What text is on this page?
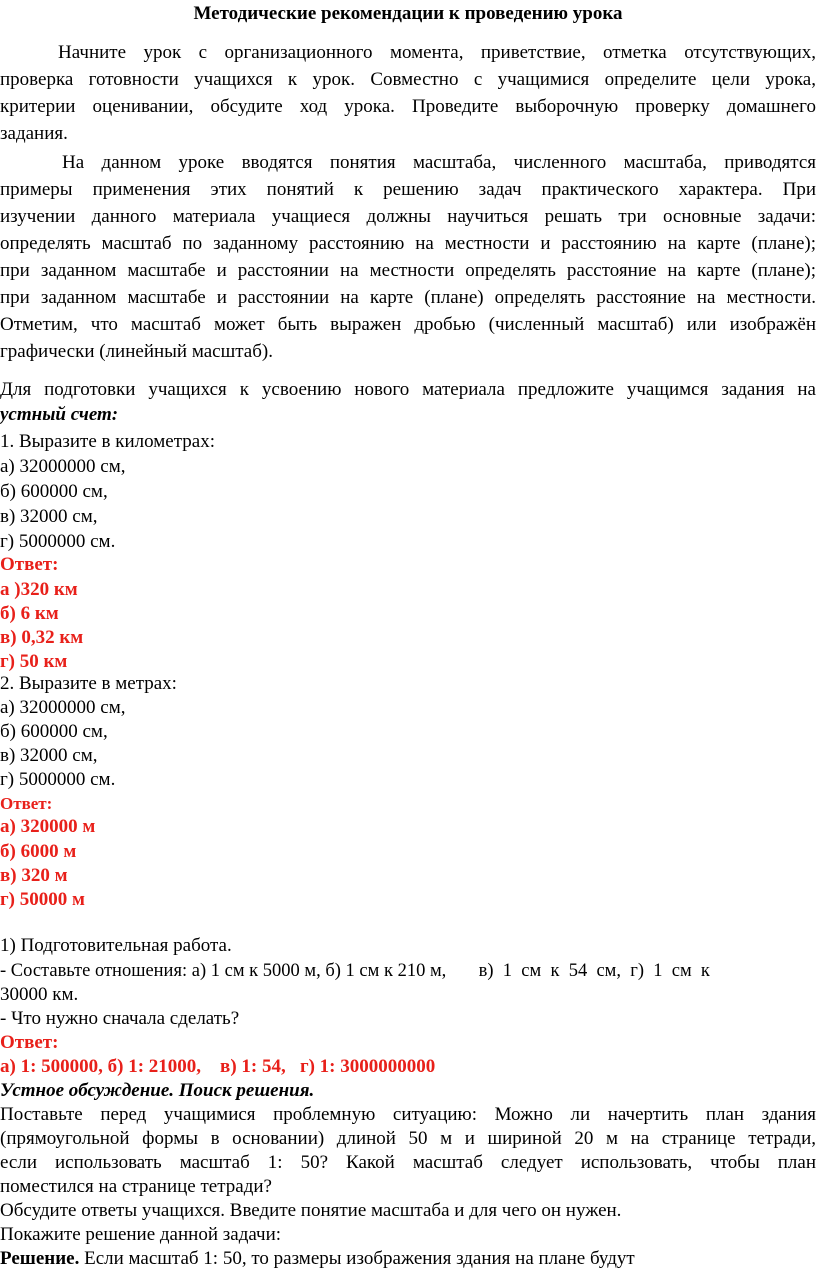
Методические рекомендации к проведению урока
Начните урок с организационного момента, приветствие, отметка отсутствующих,
проверка готовности учащихся к урок. Совместно с учащимися определите цели урока,
критерии оценивании, обсудите ход урока. Проведите выборочную проверку домашнего
задания.
На данном уроке вводятся понятия масштаба, численного масштаба, приводятся
примеры применения этих понятий к решению задач практического характера. При
изучении данного материала учащиеся должны научиться решать три основные задачи:
определять масштаб по заданному расстоянию на местности и расстоянию на карте (плане);
при заданном масштабе и расстоянии на местности определять расстояние на карте (плане);
при заданном масштабе и расстоянии на карте (плане) определять расстояние на местности.
Отметим, что масштаб может быть выражен дробью (численный масштаб) или изображён
графически (линейный масштаб).
Для подготовки учащихся к усвоению нового материала предложите учащимся задания на
устный счет:
1. Выразите в километрах:
а) 32000000 см,
б) 600000 см,
в) 32000 см,
г) 5000000 см.
Ответ:
а )320 км
б) 6 км
в) 0,32 км
г) 50 км
2. Выразите в метрах:
а) 32000000 см,
б) 600000 см,
в) 32000 см,
г) 5000000 см.
Ответ:
а) 320000 м
б) 6000 м
в) 320 м
г) 50000 м
1) Подготовительная работа.
- Составьте отношения: а) 1 см к 5000 м, б) 1 см к 210 м,       в)  1  см  к  54  см,  г)  1  см  к
30000 км.
- Что нужно сначала сделать?
Ответ:
а) 1: 500000, б) 1: 21000,    в) 1: 54,   г) 1: 3000000000
Устное обсуждение. Поиск решения.
Поставьте перед учащимися проблемную ситуацию: Можно ли начертить план здания
(прямоугольной формы в основании) длиной 50 м и шириной 20 м на странице тетради,
если использовать масштаб 1: 50? Какой масштаб следует использовать, чтобы план
поместился на странице тетради?
Обсудите ответы учащихся. Введите понятие масштаба и для чего он нужен.
Покажите решение данной задачи:
Решение. Если масштаб 1: 50, то размеры изображения здания на плане будут
